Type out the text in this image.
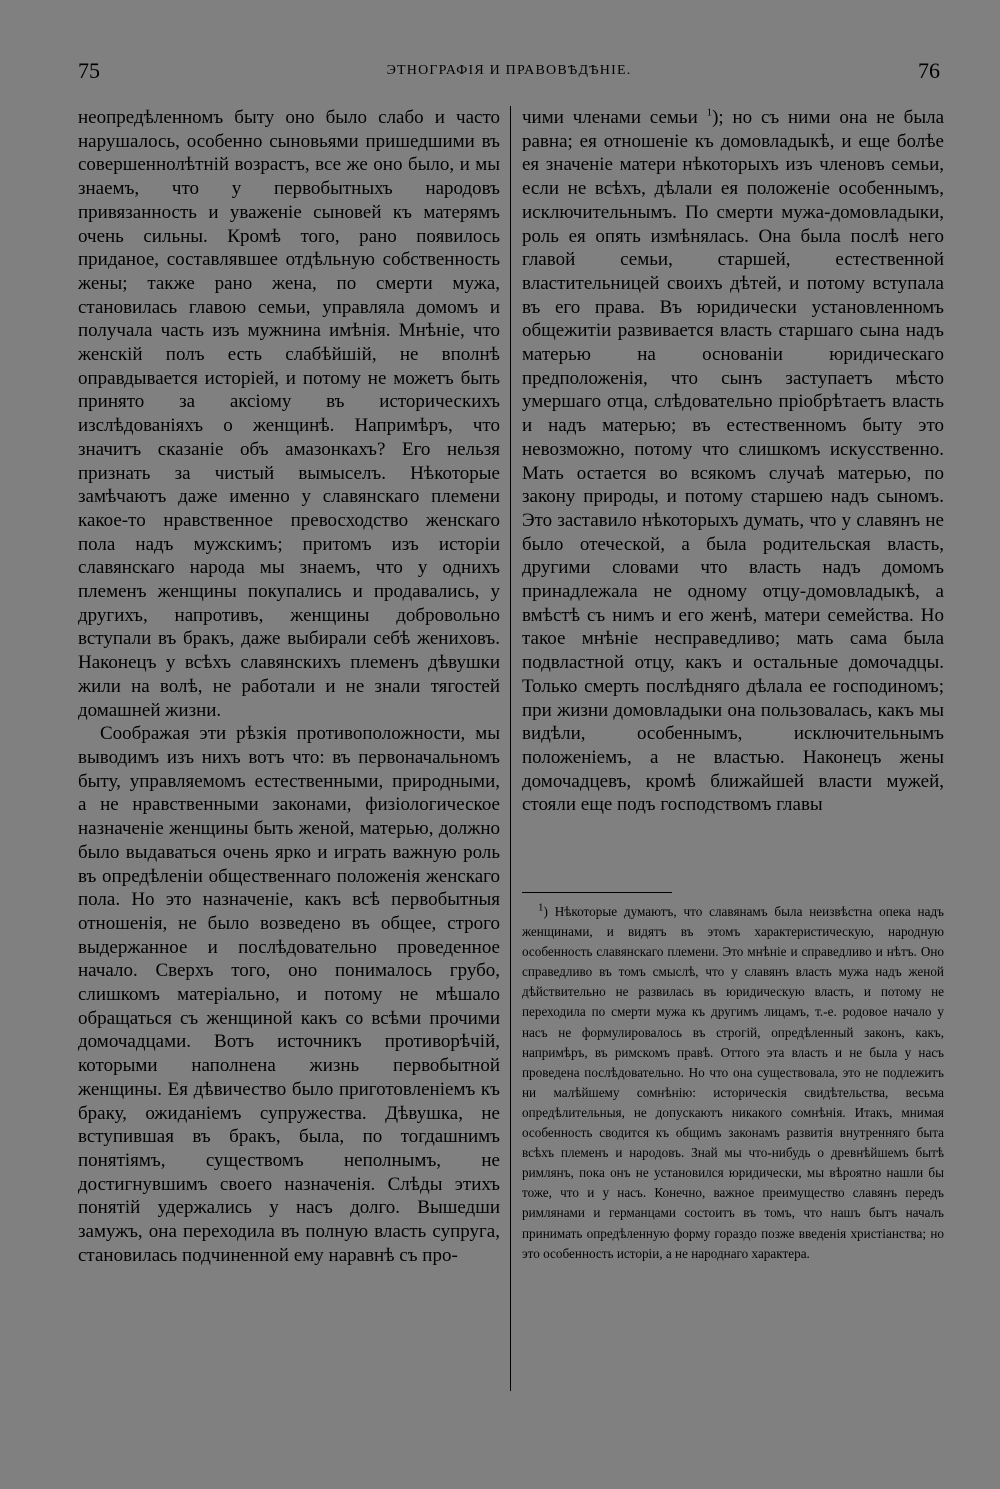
75	ЭТНОГРАФІЯ И ПРАВОВѢДѢНІЕ.	76

неопредѣленномъ быту оно было слабо и часто нарушалось, особенно сыновьями пришедшими въ совершеннолѣтній возрастъ, все же оно было, и мы знаемъ, что у первобытныхъ народовъ привязанность и уваженіе сыновей къ матерямъ очень сильны. Кромѣ того, рано появилось приданое, составлявшее отдѣльную собственность жены; также рано жена, по смерти мужа, становилась главою семьи, управляла домомъ и получала часть изъ мужнина имѣнія. Мнѣніе, что женскій полъ есть слабѣйшій, не вполнѣ оправдывается исторіей, и потому не можетъ быть принято за аксіому въ историческихъ изслѣдованіяхъ о женщинѣ. Напримѣръ, что значитъ сказаніе объ амазонкахъ? Его нельзя признать за чистый вымыселъ. Нѣкоторые замѣчаютъ даже именно у славянскаго племени какое-то нравственное превосходство женскаго пола надъ мужскимъ; притомъ изъ исторіи славянскаго народа мы знаемъ, что у однихъ племенъ женщины покупались и продавались, у другихъ, напротивъ, женщины добровольно вступали въ бракъ, даже выбирали себѣ жениховъ. Наконецъ у всѣхъ славянскихъ племенъ дѣвушки жили на волѣ, не работали и не знали тягостей домашней жизни.

Соображая эти рѣзкія противоположности, мы выводимъ изъ нихъ вотъ что: въ первоначальномъ быту, управляемомъ естественными, природными, а не нравственными законами, физіологическое назначеніе женщины быть женой, матерью, должно было выдаваться очень ярко и играть важную роль въ опредѣленіи общественнаго положенія женскаго пола. Но это назначеніе, какъ всѣ первобытныя отношенія, не было возведено въ общее, строго выдержанное и послѣдовательно проведенное начало. Сверхъ того, оно понималось грубо, слишкомъ матеріально, и потому не мѣшало обращаться съ женщиной какъ со всѣми прочими домочадцами. Вотъ источникъ противорѣчій, которыми наполнена жизнь первобытной женщины. Ея дѣвичество было приготовленіемъ къ браку, ожиданіемъ супружества. Дѣвушка, не вступившая въ бракъ, была, по тогдашнимъ понятіямъ, существомъ неполнымъ, не достигнувшимъ своего назначенія. Слѣды этихъ понятій удержались у насъ долго. Вышедши замужъ, она переходила въ полную власть супруга, становилась подчиненной ему наравнѣ съ про-

чими членами семьи $^1$); но съ ними она не была равна; ея отношеніе къ домовладыкѣ, и еще болѣе ея значеніе матери нѣкоторыхъ изъ членовъ семьи, если не всѣхъ, дѣлали ея положеніе особеннымъ, исключительнымъ. По смерти мужа-домовладыки, роль ея опять измѣнялась. Она была послѣ него главой семьи, старшей, естественной властительницей своихъ дѣтей, и потому вступала въ его права. Въ юридически установленномъ общежитіи развивается власть старшаго сына надъ матерью на основаніи юридическаго предположенія, что сынъ заступаетъ мѣсто умершаго отца, слѣдовательно пріобрѣтаетъ власть и надъ матерью; въ естественномъ быту это невозможно, потому что слишкомъ искусственно. Мать остается во всякомъ случаѣ матерью, по закону природы, и потому старшею надъ сыномъ. Это заставило нѣкоторыхъ думать, что у славянъ не было отеческой, а была родительская власть, другими словами что власть надъ домомъ принадлежала не одному отцу-домовладыкѣ, а вмѣстѣ съ нимъ и его женѣ, матери семейства. Но такое мнѣніе несправедливо; мать сама была подвластной отцу, какъ и остальные домочадцы. Только смерть послѣдняго дѣлала ее господиномъ; при жизни домовладыки она пользовалась, какъ мы видѣли, особеннымъ, исключительнымъ положеніемъ, а не властью. Наконецъ жены домочадцевъ, кромѣ ближайшей власти мужей, стояли еще подъ господствомъ главы

$^1$) Нѣкоторые думаютъ, что славянамъ была неизвѣстна опека надъ женщинами, и видятъ въ этомъ характеристическую, народную особенность славянскаго племени. Это мнѣніе и справедливо и нѣтъ. Оно справедливо въ томъ смыслѣ, что у славянъ власть мужа надъ женой дѣйствительно не развилась въ юридическую власть, и потому не переходила по смерти мужа къ другимъ лицамъ, т.-е. родовое начало у насъ не формулировалось въ строгій, опредѣленный законъ, какъ, напримѣръ, въ римскомъ правѣ. Оттого эта власть и не была у насъ проведена послѣдовательно. Но что она существовала, это не подлежитъ ни малѣйшему сомнѣнію: историческія свидѣтельства, весьма опредѣлительныя, не допускаютъ никакого сомнѣнія. Итакъ, мнимая особенность сводится къ общимъ законамъ развитія внутренняго быта всѣхъ племенъ и народовъ. Знай мы что-нибудь о древнѣйшемъ бытѣ римлянъ, пока онъ не установился юридически, мы вѣроятно нашли бы тоже, что и у насъ. Конечно, важное преимущество славянъ передъ римлянами и германцами состоитъ въ томъ, что нашъ бытъ началъ принимать опредѣленную форму гораздо позже введенія христіанства; но это особенность исторіи, а не народнаго характера.
